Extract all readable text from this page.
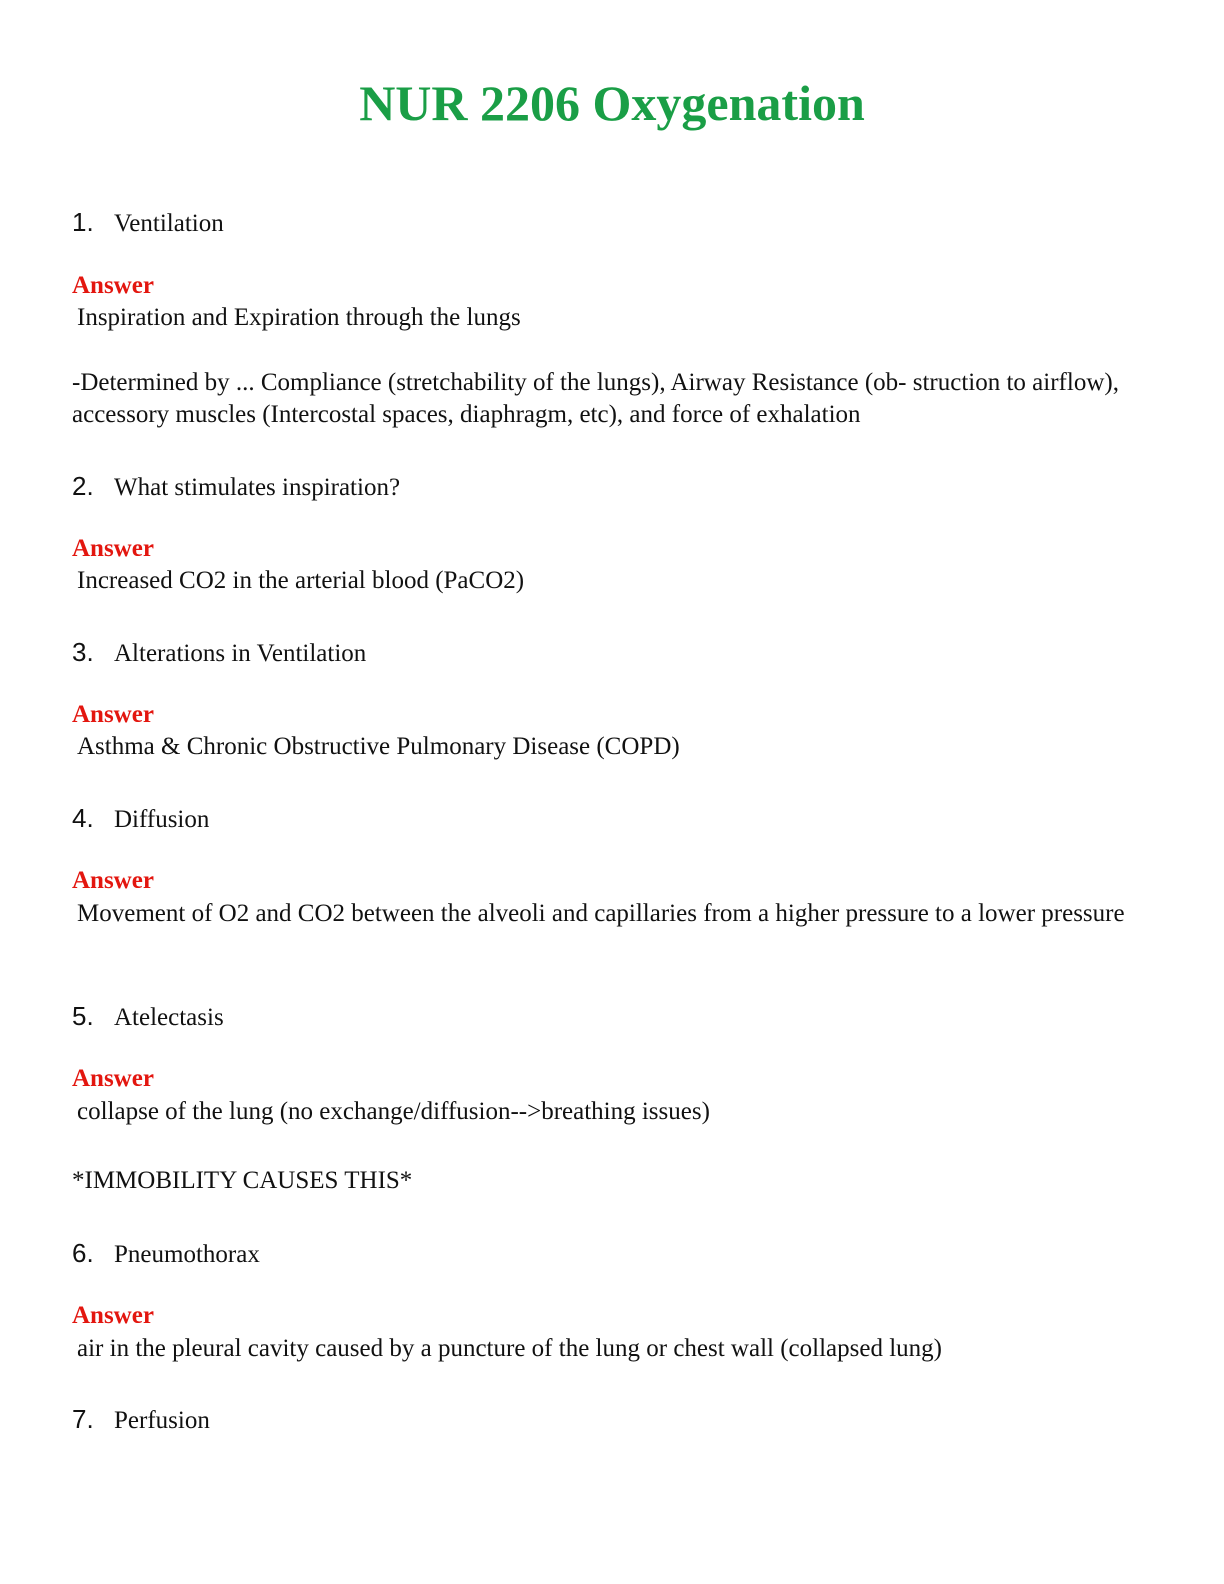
NUR 2206 Oxygenation
1. Ventilation
Answer

Inspiration and Expiration through the lungs

-Determined by ... Compliance (stretchability of the lungs), Airway Resistance (ob- struction to airflow), accessory muscles (Intercostal spaces, diaphragm, etc), and force of exhalation

2. What stimulates inspiration?
Answer

Increased CO2 in the arterial blood (PaCO2)

3. Alterations in Ventilation
Answer

Asthma & Chronic Obstructive Pulmonary Disease (COPD)

4. Diffusion
Answer

Movement of O2 and CO2 between the alveoli and capillaries from a higher pressure to a lower pressure

5. Atelectasis
Answer

collapse of the lung (no exchange/diffusion-->breathing issues)

*IMMOBILITY CAUSES THIS*

6. Pneumothorax
Answer

air in the pleural cavity caused by a puncture of the lung or chest wall (collapsed lung)

7. Perfusion
